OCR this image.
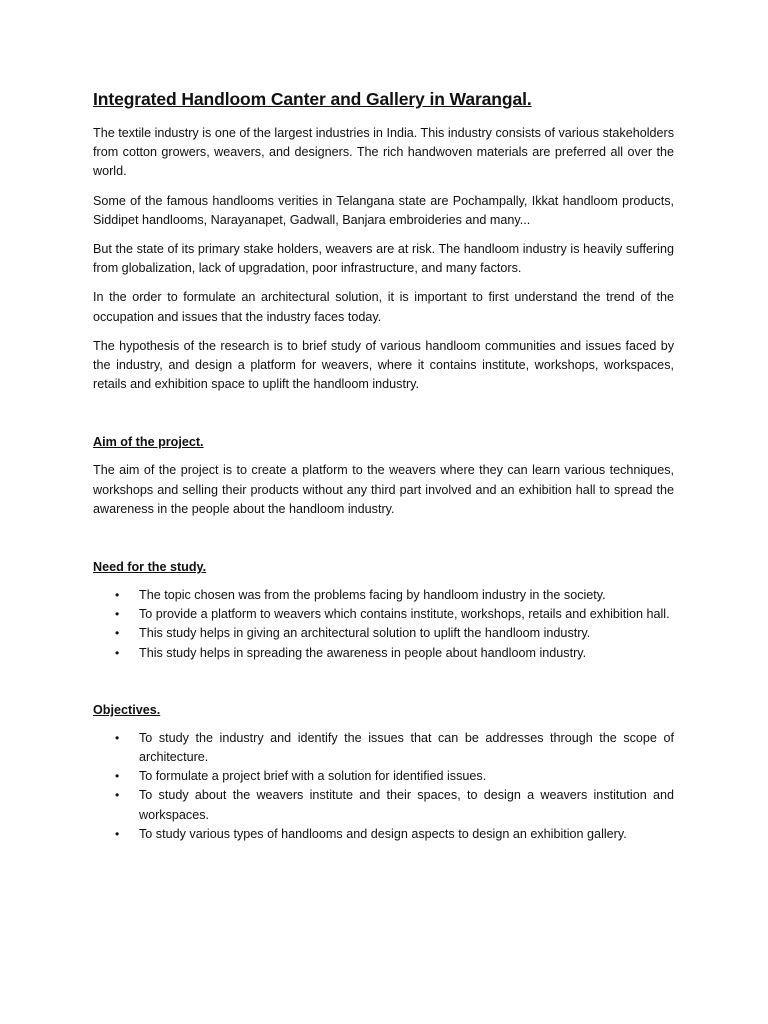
Integrated Handloom Canter and Gallery in Warangal.

The textile industry is one of the largest industries in India. This industry consists of various stakeholders from cotton growers, weavers, and designers. The rich handwoven materials are preferred all over the world.

Some of the famous handlooms verities in Telangana state are Pochampally, Ikkat handloom products, Siddipet handlooms, Narayanapet, Gadwall, Banjara embroideries and many...

But the state of its primary stake holders, weavers are at risk. The handloom industry is heavily suffering from globalization, lack of upgradation, poor infrastructure, and many factors.

In the order to formulate an architectural solution, it is important to first understand the trend of the occupation and issues that the industry faces today.

The hypothesis of the research is to brief study of various handloom communities and issues faced by the industry, and design a platform for weavers, where it contains institute, workshops, workspaces, retails and exhibition space to uplift the handloom industry.

Aim of the project.

The aim of the project is to create a platform to the weavers where they can learn various techniques, workshops and selling their products without any third part involved and an exhibition hall to spread the awareness in the people about the handloom industry.

Need for the study.
• The topic chosen was from the problems facing by handloom industry in the society.
• To provide a platform to weavers which contains institute, workshops, retails and exhibition hall.
• This study helps in giving an architectural solution to uplift the handloom industry.
• This study helps in spreading the awareness in people about handloom industry.
Objectives.
• To study the industry and identify the issues that can be addresses through the scope of architecture.
• To formulate a project brief with a solution for identified issues.
• To study about the weavers institute and their spaces, to design a weavers institution and workspaces.
• To study various types of handlooms and design aspects to design an exhibition gallery.
